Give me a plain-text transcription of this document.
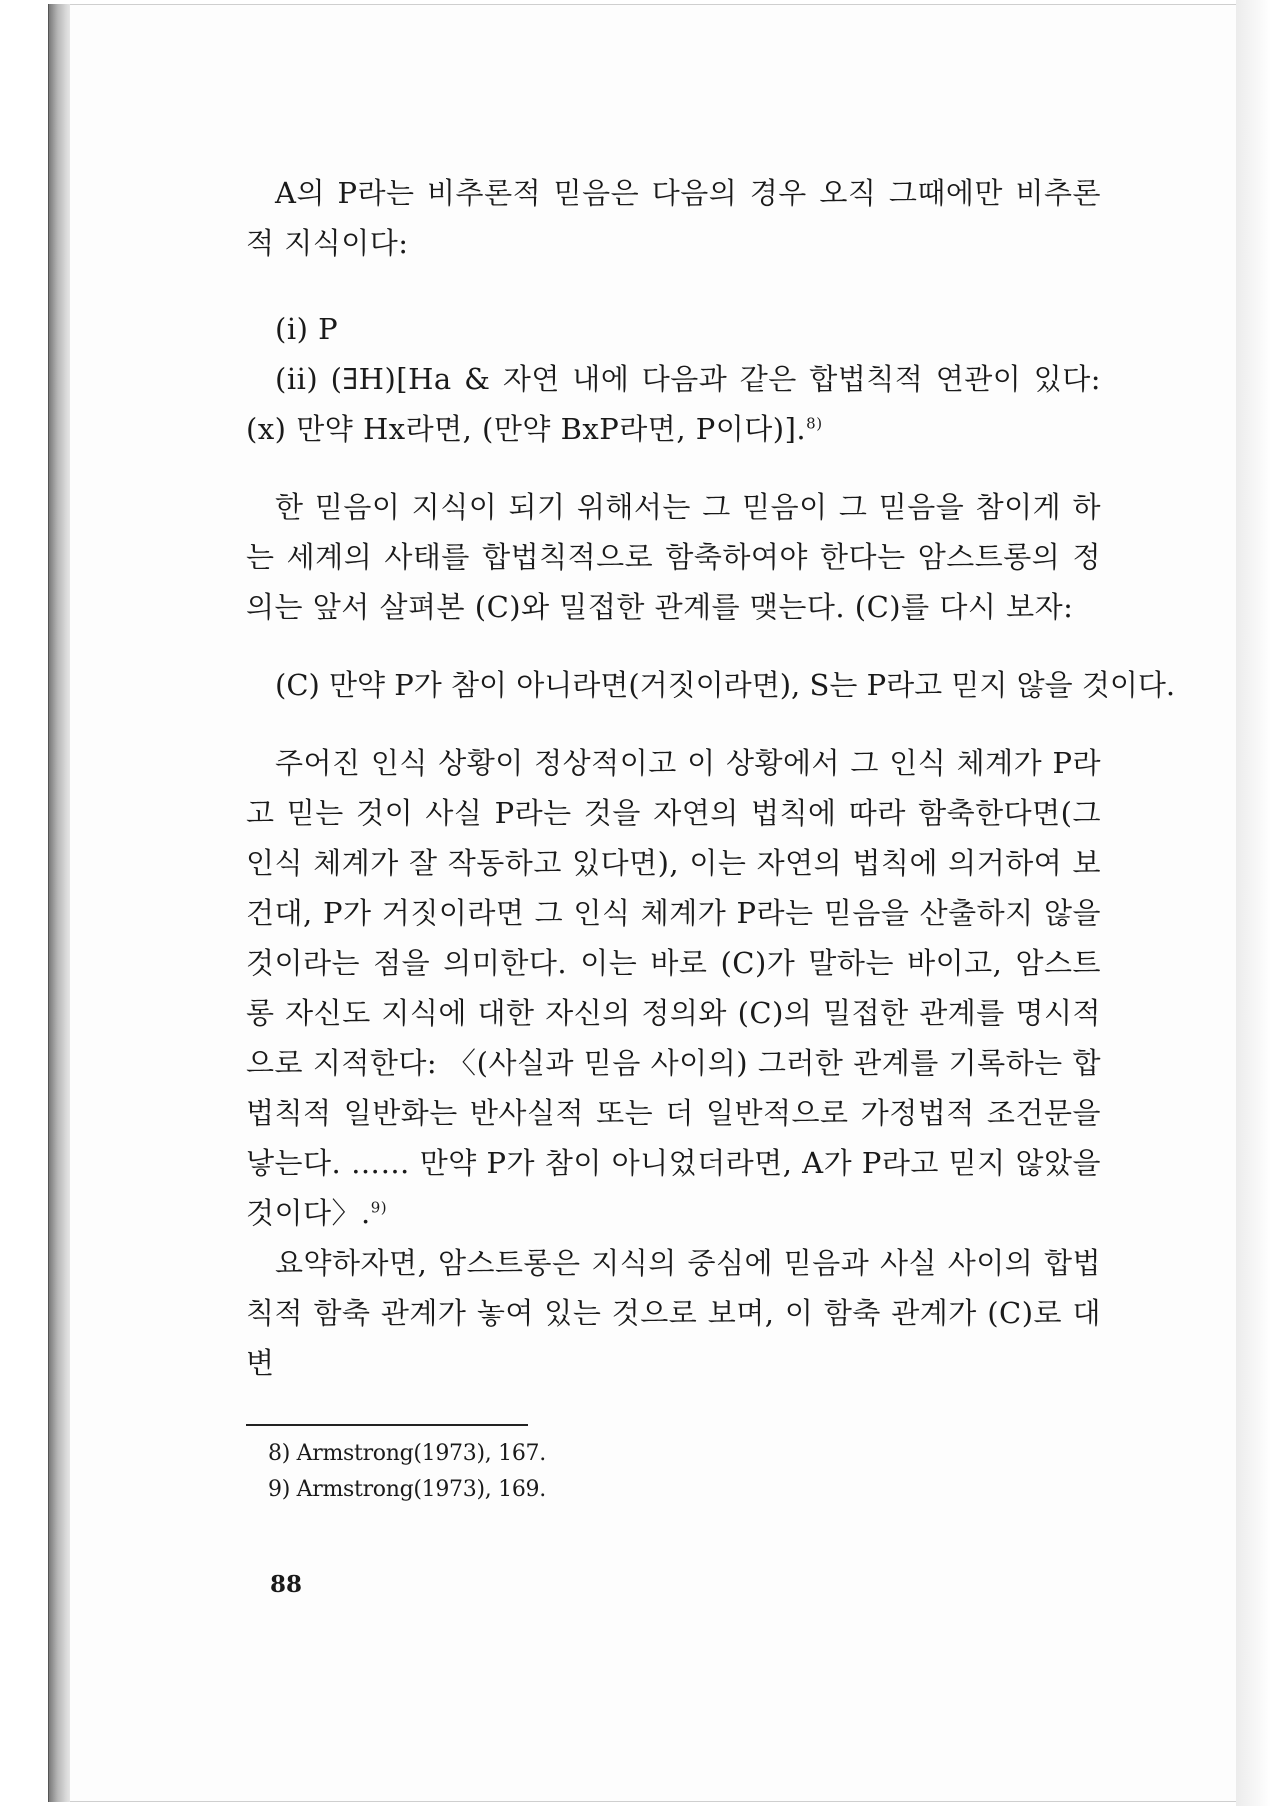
A의 P라는 비추론적 믿음은 다음의 경우 오직 그때에만 비추론적 지식이다:

(i) P

(ii) (∃H)[Ha & 자연 내에 다음과 같은 합법칙적 연관이 있다: (x) 만약 Hx라면, (만약 BxP라면, P이다)].$^{8)}$

한 믿음이 지식이 되기 위해서는 그 믿음이 그 믿음을 참이게 하는 세계의 사태를 합법칙적으로 함축하여야 한다는 암스트롱의 정의는 앞서 살펴본 (C)와 밀접한 관계를 맺는다. (C)를 다시 보자:

(C) 만약 P가 참이 아니라면(거짓이라면), S는 P라고 믿지 않을 것이다.

주어진 인식 상황이 정상적이고 이 상황에서 그 인식 체계가 P라고 믿는 것이 사실 P라는 것을 자연의 법칙에 따라 함축한다면(그 인식 체계가 잘 작동하고 있다면), 이는 자연의 법칙에 의거하여 보건대, P가 거짓이라면 그 인식 체계가 P라는 믿음을 산출하지 않을 것이라는 점을 의미한다. 이는 바로 (C)가 말하는 바이고, 암스트롱 자신도 지식에 대한 자신의 정의와 (C)의 밀접한 관계를 명시적으로 지적한다: 〈(사실과 믿음 사이의) 그러한 관계를 기록하는 합법칙적 일반화는 반사실적 또는 더 일반적으로 가정법적 조건문을 낳는다. …… 만약 P가 참이 아니었더라면, A가 P라고 믿지 않았을 것이다〉.$^{9)}$

요약하자면, 암스트롱은 지식의 중심에 믿음과 사실 사이의 합법칙적 함축 관계가 놓여 있는 것으로 보며, 이 함축 관계가 (C)로 대변

8) Armstrong(1973), 167.
9) Armstrong(1973), 169.
88
